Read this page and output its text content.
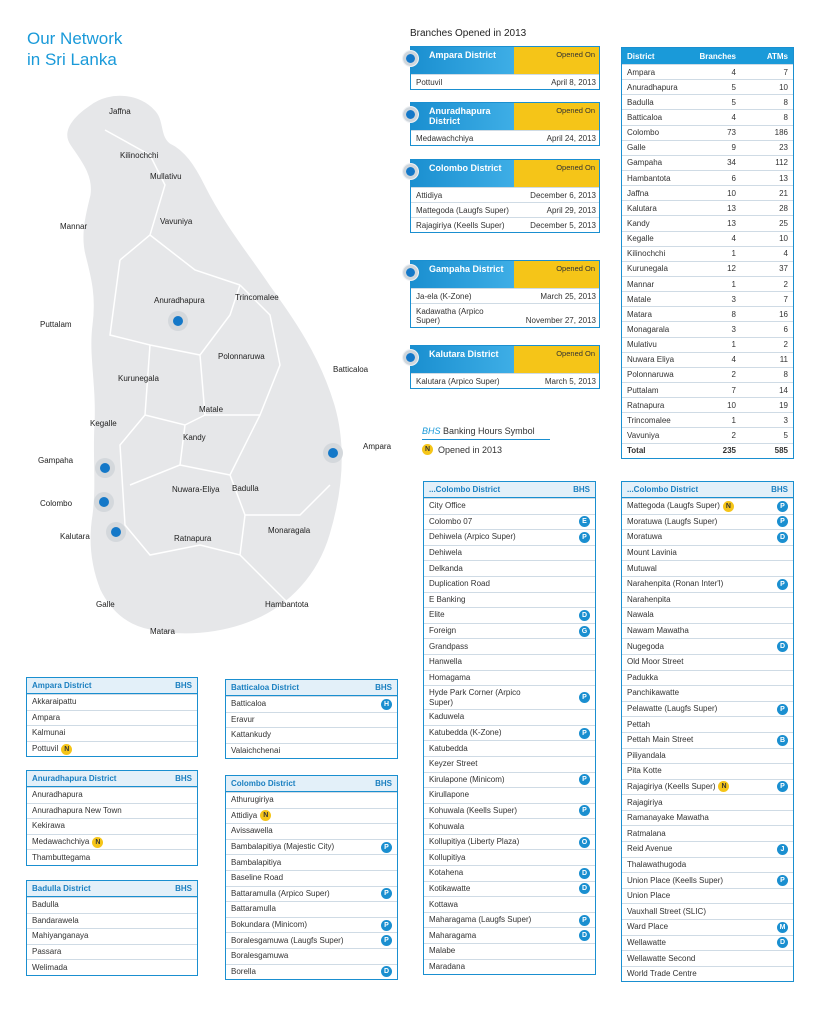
Our Network
in Sri Lanka
Jaffna
Kilinochchi
Mullativu
Mannar
Vavuniya
Anuradhapura	Trincomalee
Puttalam
Polonnaruwa
Batticaloa
Kurunegala
Matale
Kegalle
Kandy
Ampara
Gampaha
Nuwara-Eliya Badulla
Colombo
Kalutara	Ratnapura
Monaragala
Galle	Hambantota
Matara
Branches Opened in 2013
Ampara District	Opened On
Pottuvil	April 8, 2013
Anuradhapura District
Opened On
Medawachchiya	April 24, 2013
Colombo District	Opened On
Attidiya	December 6, 2013
Mattegoda (Laugfs Super)	April 29, 2013
Rajagiriya (Keells Super)	December 5, 2013
Gampaha District	Opened On
Ja-ela (K-Zone)	March 25, 2013
Kadawatha (Arpico Super)	November 27, 2013
Kalutara District	Opened On
Kalutara (Arpico Super)	March 5, 2013
District	Branches	ATMs
Ampara	4	7
Anuradhapura	5	10
Badulla	5	8
Batticaloa	4	8
Colombo	73	186
Galle	9	23
Gampaha	34	112
Hambantota	6	13
Jaffna	10	21
Kalutara	13	28
Kandy	13	25
Kegalle	4	10
Kilinochchi	1	4
Kurunegala	12	37
Mannar	1	2
Matale	3	7
Matara	8	16
Monagarala	3	6
Mulativu	1	2
Nuwara Eliya	4	11
Polonnaruwa	2	8
Puttalam	7	14
Ratnapura	10	19
Trincomalee	1	3
Vavuniya	2	5
Total	235	585
BHS Banking Hours Symbol
N Opened in 2013
Ampara District	BHS
Akkaraipattu
Ampara
Kalmunai
Pottuvil N
Anuradhapura District	BHS
Anuradhapura
Anuradhapura New Town
Kekirawa
Medawachchiya N
Thambuttegama
Badulla District	BHS
Badulla
Bandarawela
Mahiyanganaya
Passara
Welimada
Batticaloa District	BHS
Batticaloa	H
Eravur
Kattankudy
Valaichchenai
Colombo District	BHS
Athurugiriya
Attidiya N
Avissawella
Bambalapitiya (Majestic City)	P
Bambalapitiya
Baseline Road
Battaramulla (Arpico Super)	P
Battaramulla
Bokundara (Minicom)	P
Boralesgamuwa (Laugfs Super)	P
Boralesgamuwa
Borella	D
...Colombo District	BHS
City Office
Colombo 07	E
Dehiwela (Arpico Super)	P
Dehiwela
Delkanda
Duplication Road
E Banking
Elite	D
Foreign	G
Grandpass
Hanwella
Homagama
Hyde Park Corner (Arpico Super)	P
Kaduwela
Katubedda (K-Zone)	P
Katubedda
Keyzer Street
Kirulapone (Minicom)	P
Kirullapone
Kohuwala (Keells Super)	P
Kohuwala
Kollupitiya (Liberty Plaza)	O
Kollupitiya
Kotahena	D
Kotikawatte	D
Kottawa
Maharagama (Laugfs Super)	P
Maharagama	D
Malabe
Maradana
...Colombo District	BHS
Mattegoda (Laugfs Super) N	P
Moratuwa (Laugfs Super)	P
Moratuwa	D
Mount Lavinia
Mutuwal
Narahenpita (Ronan Inter'l)	P
Narahenpita
Nawala
Nawam Mawatha
Nugegoda	D
Old Moor Street
Padukka
Panchikawatte
Pelawatte (Laugfs Super)	P
Pettah
Pettah Main Street	B
Piliyandala
Pita Kotte
Rajagiriya (Keells Super) N	P
Rajagiriya
Ramanayake Mawatha
Ratmalana
Reid Avenue	J
Thalawathugoda
Union Place (Keells Super)	P
Union Place
Vauxhall Street (SLIC)
Ward Place	M
Wellawatte	D
Wellawatte Second
World Trade Centre
